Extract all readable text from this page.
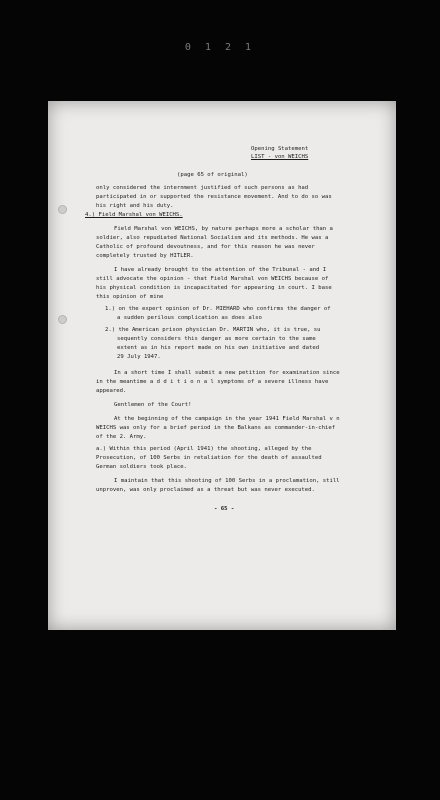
0 1 2 1
Opening Statement
LIST - von WEICHS
(page 65 of original)
only considered the internment justified of such persons as had
participated in or supported the resistance movement. And to do so was
his right and his duty.
4.) Field Marshal von WEICHS.
Field Marshal von WEICHS, by nature perhaps more a scholar than a
soldier, also repudiated National Socialism and its methods. He was a
Catholic of profound devoutness, and for this reason he was never
completely trusted by HITLER.
I have already brought to the attention of the Tribunal - and I
still advocate the opinion - that Field Marshal von WEICHS because of
his physical condition is incapacitated for appearing in court. I base
this opinion of mine
1.) on the expert opinion of Dr. MIEHARD who confirms the danger of
a sudden perilous complication as does also
2.) the American prison physician Dr. MARTIN who, it is true, su
sequently considers this danger as more certain to the same
extent as in his report made on his own initiative and dated
29 July 1947.
In a short time I shall submit a new petition for examination since
in the meantime a d d i t i o n a l symptoms of a severe illness have
appeared.
Gentlemen of the Court!
At the beginning of the campaign in the year 1941 Field Marshal v n
WEICHS was only for a brief period in the Balkans as commander-in-chief
of the 2. Army.
a.) Within this period (April 1941) the shooting, alleged by the
Prosecution, of 100 Serbs in retaliation for the death of assaulted
German soldiers took place.
I maintain that this shooting of 100 Serbs in a proclamation, still
unproven, was only proclaimed as a threat but was never executed.
- 65 -
